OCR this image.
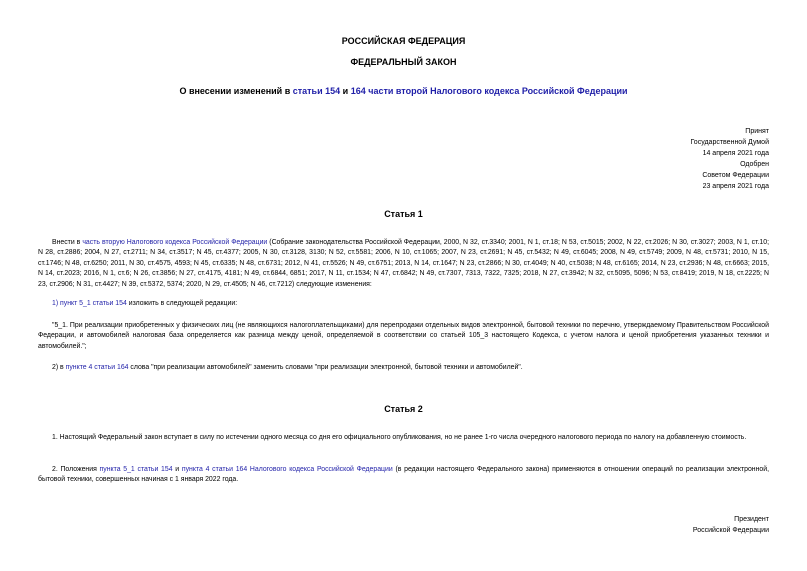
РОССИЙСКАЯ ФЕДЕРАЦИЯ
ФЕДЕРАЛЬНЫЙ ЗАКОН
О внесении изменений в статьи 154 и 164 части второй Налогового кодекса Российской Федерации
Принят
Государственной Думой
14 апреля 2021 года
Одобрен
Советом Федерации
23 апреля 2021 года
Статья 1
Внести в часть вторую Налогового кодекса Российской Федерации (Собрание законодательства Российской Федерации, 2000, N 32, ст.3340; 2001, N 1, ст.18; N 53, ст.5015; 2002, N 22, ст.2026; N 30, ст.3027; 2003, N 1, ст.10; N 28, ст.2886; 2004, N 27, ст.2711; N 34, ст.3517; N 45, ст.4377; 2005, N 30, ст.3128, 3130; N 52, ст.5581; 2006, N 10, ст.1065; 2007, N 23, ст.2691; N 45, ст.5432; N 49, ст.6045; 2008, N 49, ст.5749; 2009, N 48, ст.5731; 2010, N 15, ст.1746; N 48, ст.6250; 2011, N 30, ст.4575, 4593; N 45, ст.6335; N 48, ст.6731; 2012, N 41, ст.5526; N 49, ст.6751; 2013, N 14, ст.1647; N 23, ст.2866; N 30, ст.4049; N 40, ст.5038; N 48, ст.6165; 2014, N 23, ст.2936; N 48, ст.6663; 2015, N 14, ст.2023; 2016, N 1, ст.6; N 26, ст.3856; N 27, ст.4175, 4181; N 49, ст.6844, 6851; 2017, N 11, ст.1534; N 47, ст.6842; N 49, ст.7307, 7313, 7322, 7325; 2018, N 27, ст.3942; N 32, ст.5095, 5096; N 53, ст.8419; 2019, N 18, ст.2225; N 23, ст.2906; N 31, ст.4427; N 39, ст.5372, 5374; 2020, N 29, ст.4505; N 46, ст.7212) следующие изменения:
1) пункт 5_1 статьи 154 изложить в следующей редакции:
"5_1. При реализации приобретенных у физических лиц (не являющихся налогоплательщиками) для перепродажи отдельных видов электронной, бытовой техники по перечню, утверждаемому Правительством Российской Федерации, и автомобилей налоговая база определяется как разница между ценой, определяемой в соответствии со статьей 105_3 настоящего Кодекса, с учетом налога и ценой приобретения указанных техники и автомобилей.";
2) в пункте 4 статьи 164 слова "при реализации автомобилей" заменить словами "при реализации электронной, бытовой техники и автомобилей".
Статья 2
1. Настоящий Федеральный закон вступает в силу по истечении одного месяца со дня его официального опубликования, но не ранее 1-го числа очередного налогового периода по налогу на добавленную стоимость.
2. Положения пункта 5_1 статьи 154 и пункта 4 статьи 164 Налогового кодекса Российской Федерации (в редакции настоящего Федерального закона) применяются в отношении операций по реализации электронной, бытовой техники, совершенных начиная с 1 января 2022 года.
Президент
Российской Федерации
